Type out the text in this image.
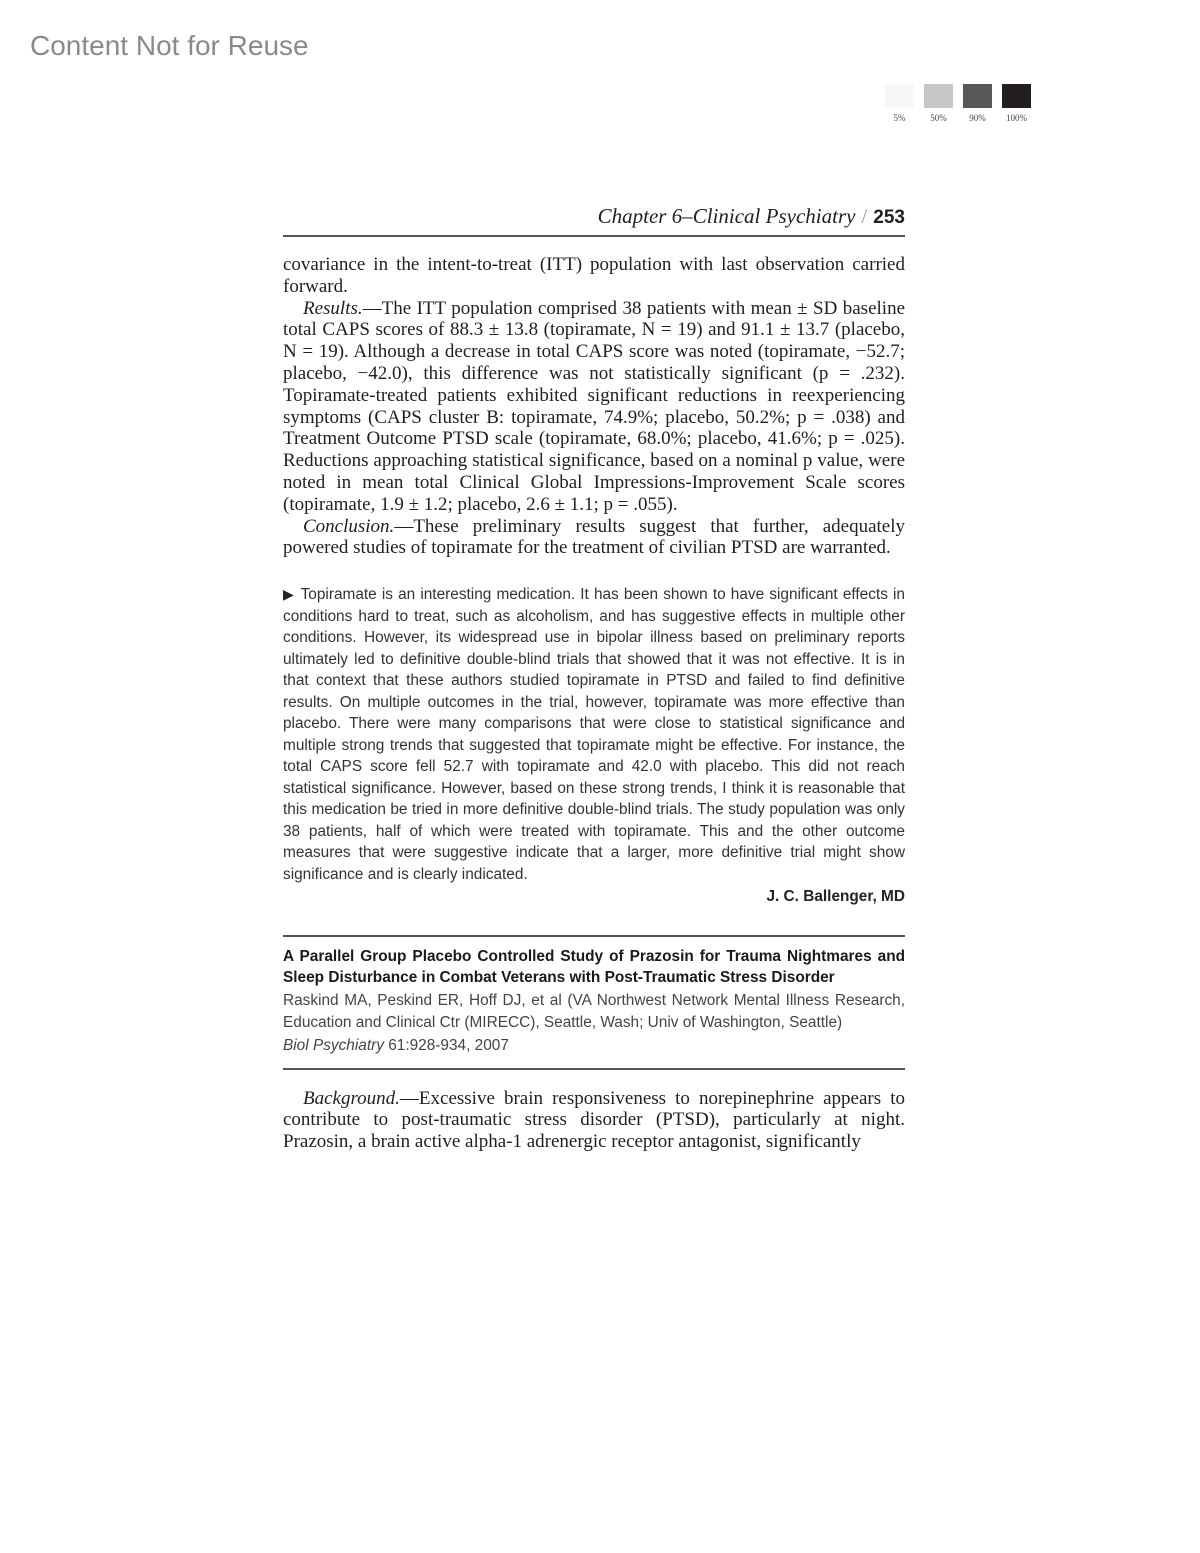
Content Not for Reuse
5%	50%	90%	100%
Chapter 6–Clinical Psychiatry / 253

covariance in the intent-to-treat (ITT) population with last observation carried forward.

Results.—The ITT population comprised 38 patients with mean ± SD baseline total CAPS scores of 88.3 ± 13.8 (topiramate, N = 19) and 91.1 ± 13.7 (placebo, N = 19). Although a decrease in total CAPS score was noted (topiramate, −52.7; placebo, −42.0), this difference was not statistically significant (p = .232). Topiramate-treated patients exhibited significant reductions in reexperiencing symptoms (CAPS cluster B: topiramate, 74.9%; placebo, 50.2%; p = .038) and Treatment Outcome PTSD scale (topiramate, 68.0%; placebo, 41.6%; p = .025). Reductions approaching statistical significance, based on a nominal p value, were noted in mean total Clinical Global Impressions-Improvement Scale scores (topiramate, 1.9 ± 1.2; placebo, 2.6 ± 1.1; p = .055).

Conclusion.—These preliminary results suggest that further, adequately powered studies of topiramate for the treatment of civilian PTSD are warranted.

▶ Topiramate is an interesting medication. It has been shown to have significant effects in conditions hard to treat, such as alcoholism, and has suggestive effects in multiple other conditions. However, its widespread use in bipolar illness based on preliminary reports ultimately led to definitive double-blind trials that showed that it was not effective. It is in that context that these authors studied topiramate in PTSD and failed to find definitive results. On multiple outcomes in the trial, however, topiramate was more effective than placebo. There were many comparisons that were close to statistical significance and multiple strong trends that suggested that topiramate might be effective. For instance, the total CAPS score fell 52.7 with topiramate and 42.0 with placebo. This did not reach statistical significance. However, based on these strong trends, I think it is reasonable that this medication be tried in more definitive double-blind trials. The study population was only 38 patients, half of which were treated with topiramate. This and the other outcome measures that were suggestive indicate that a larger, more definitive trial might show significance and is clearly indicated.

J. C. Ballenger, MD

A Parallel Group Placebo Controlled Study of Prazosin for Trauma Nightmares and Sleep Disturbance in Combat Veterans with Post-Traumatic Stress Disorder

Raskind MA, Peskind ER, Hoff DJ, et al (VA Northwest Network Mental Illness Research, Education and Clinical Ctr (MIRECC), Seattle, Wash; Univ of Washington, Seattle)

Biol Psychiatry 61:928-934, 2007

Background.—Excessive brain responsiveness to norepinephrine appears to contribute to post-traumatic stress disorder (PTSD), particularly at night. Prazosin, a brain active alpha-1 adrenergic receptor antagonist, significantly
